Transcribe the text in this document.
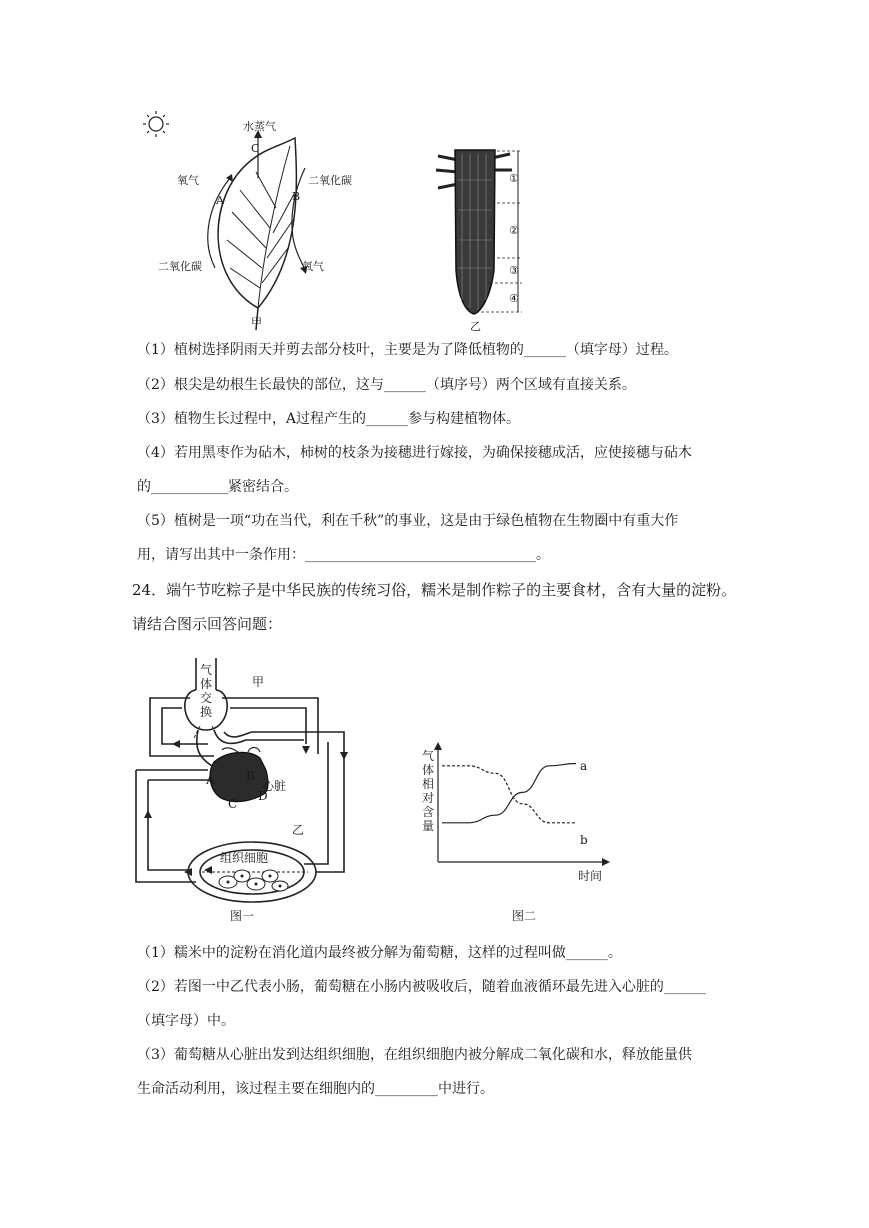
水蒸气
C
氧气
A
二氧化碳
二氧化碳
B
氧气
甲
①
②
③
④
乙
（1）植树选择阴雨天并剪去部分枝叶，主要是为了降低植物的______（填字母）过程。
（2）根尖是幼根生长最快的部位，这与______（填序号）两个区域有直接关系。
（3）植物生长过程中，A过程产生的______参与构建植物体。
（4）若用黑枣作为砧木，柿树的枝条为接穗进行嫁接，为确保接穗成活，应使接穗与砧木
的___________紧密结合。
（5）植树是一项“功在当代，利在千秋”的事业，这是由于绿色植物在生物圈中有重大作
用，请写出其中一条作用：_________________________________。
24．端午节吃粽子是中华民族的传统习俗，糯米是制作粽子的主要食材，含有大量的淀粉。
请结合图示回答问题：
气
体
交
换
甲
A	B
C
D
心脏
乙
组织细胞
图一
气
体
相
对
含
量
时间
a
b
图二
（1）糯米中的淀粉在消化道内最终被分解为葡萄糖，这样的过程叫做______。
（2）若图一中乙代表小肠，葡萄糖在小肠内被吸收后，随着血液循环最先进入心脏的______
（填字母）中。
（3）葡萄糖从心脏出发到达组织细胞，在组织细胞内被分解成二氧化碳和水，释放能量供
生命活动利用，该过程主要在细胞内的_________中进行。
